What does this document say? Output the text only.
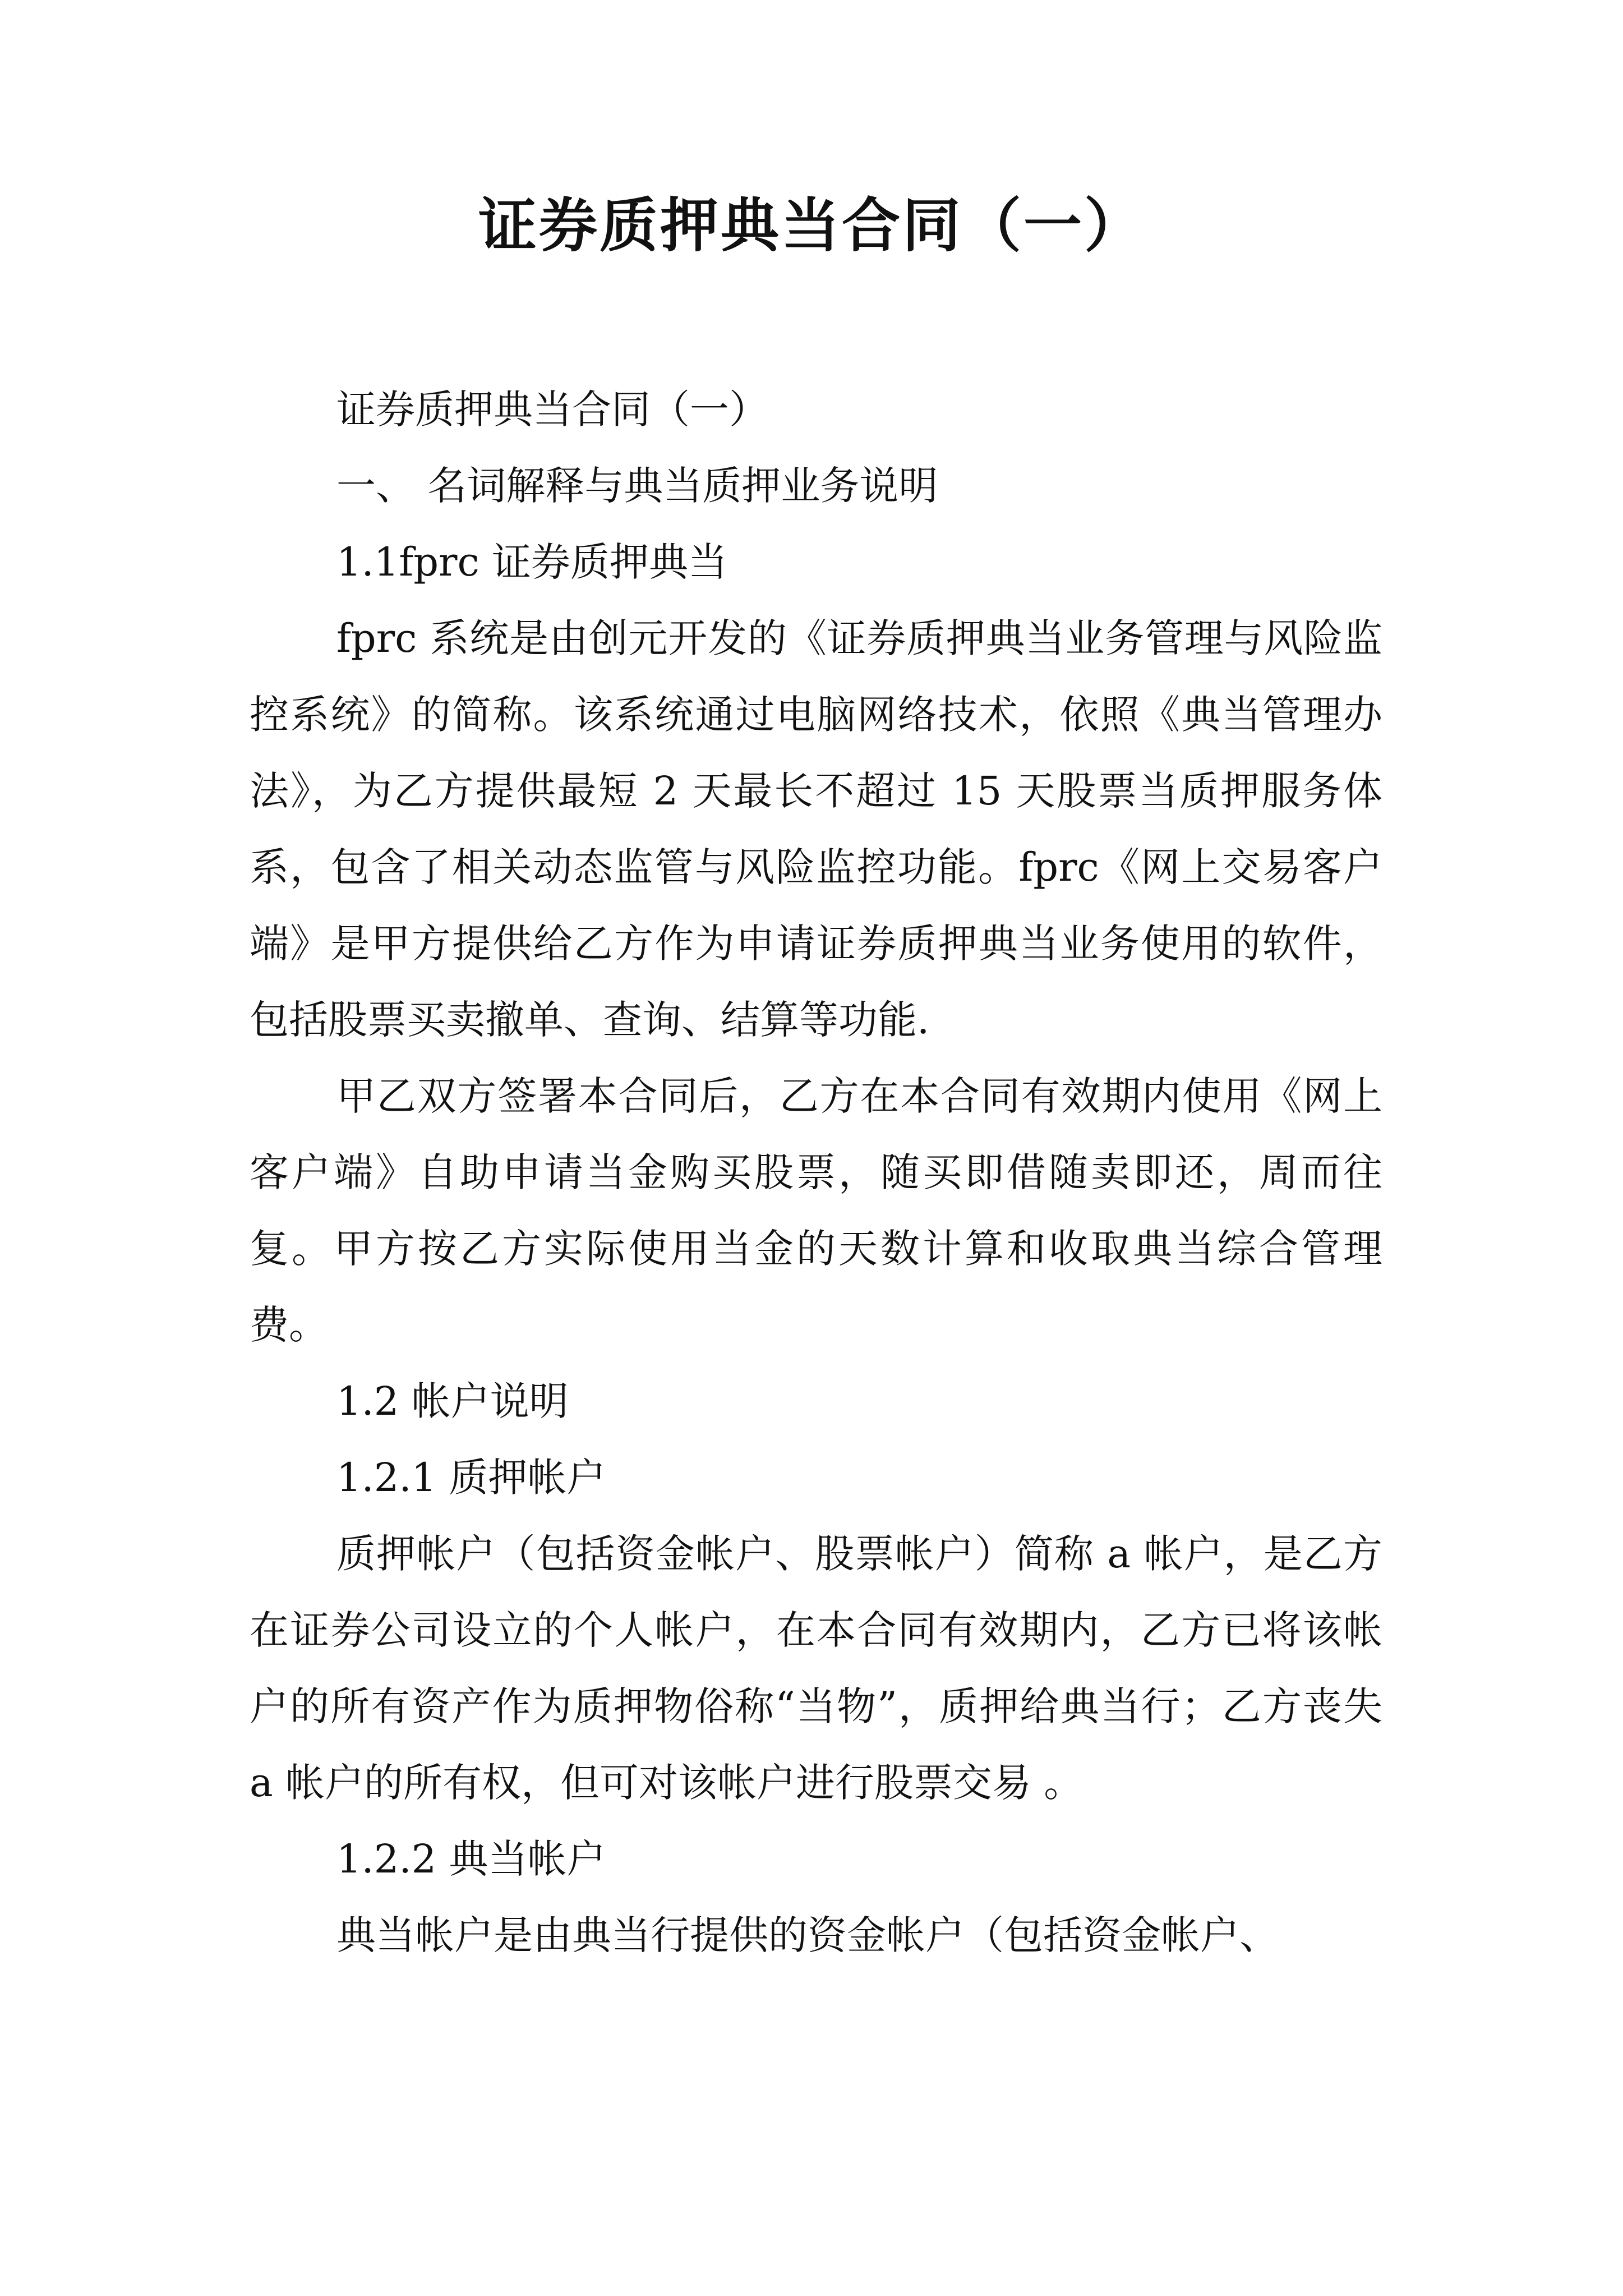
证券质押典当合同（一）

证券质押典当合同（一）

一、 名词解释与典当质押业务说明

1.1fprc 证券质押典当

fprc 系统是由创元开发的《证券质押典当业务管理与风险监控系统》的简称。该系统通过电脑网络技术，依照《典当管理办法》，为乙方提供最短 2 天最长不超过 15 天股票当质押服务体系，包含了相关动态监管与风险监控功能。fprc《网上交易客户端》是甲方提供给乙方作为申请证券质押典当业务使用的软件，包括股票买卖撤单、查询、结算等功能.

甲乙双方签署本合同后，乙方在本合同有效期内使用《网上客户端》自助申请当金购买股票，随买即借随卖即还，周而往复。甲方按乙方实际使用当金的天数计算和收取典当综合管理费。

1.2 帐户说明

1.2.1 质押帐户

质押帐户（包括资金帐户、股票帐户）简称 a 帐户，是乙方在证券公司设立的个人帐户，在本合同有效期内，乙方已将该帐户的所有资产作为质押物俗称“当物”，质押给典当行；乙方丧失 a 帐户的所有权，但可对该帐户进行股票交易 。

1.2.2 典当帐户

典当帐户是由典当行提供的资金帐户（包括资金帐户、
